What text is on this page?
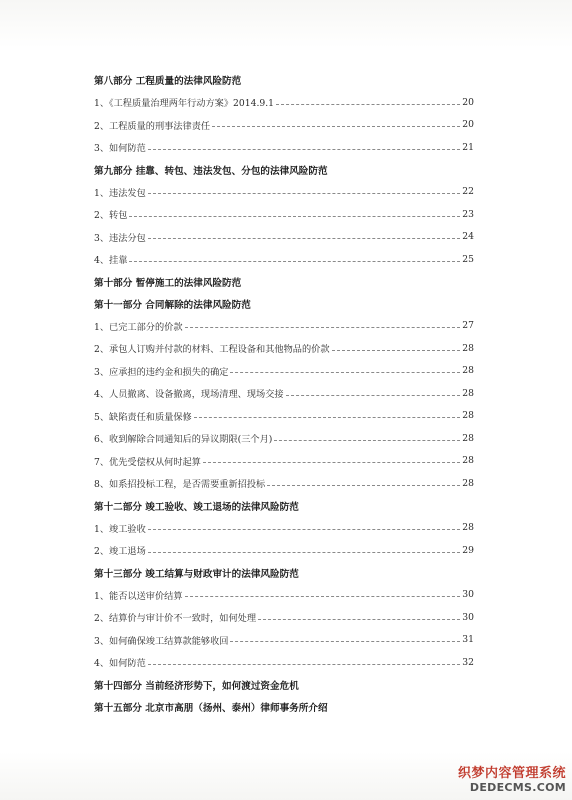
第八部分 工程质量的法律风险防范
1、《工程质量治理两年行动方案》2014.9.1	20
2、工程质量的刑事法律责任	20
3、如何防范	21
第九部分 挂靠、转包、违法发包、分包的法律风险防范
1、违法发包	22
2、转包	23
3、违法分包	24
4、挂靠	25
第十部分 暂停施工的法律风险防范
第十一部分 合同解除的法律风险防范
1、已完工部分的价款	27
2、承包人订购并付款的材料、工程设备和其他物品的价款	28
3、应承担的违约金和损失的确定	28
4、人员撤离、设备撤离，现场清理、现场交接	28
5、缺陷责任和质量保修	28
6、收到解除合同通知后的异议期限(三个月)	28
7、优先受偿权从何时起算	28
8、如系招投标工程，是否需要重新招投标	28
第十二部分 竣工验收、竣工退场的法律风险防范
1、竣工验收	28
2、竣工退场	29
第十三部分 竣工结算与财政审计的法律风险防范
1、能否以送审价结算	30
2、结算价与审计价不一致时，如何处理	30
3、如何确保竣工结算款能够收回	31
4、如何防范	32
第十四部分 当前经济形势下，如何渡过资金危机
第十五部分 北京市高朋（扬州、泰州）律师事务所介绍
织梦内容管理系统
DEDECMS.COM
